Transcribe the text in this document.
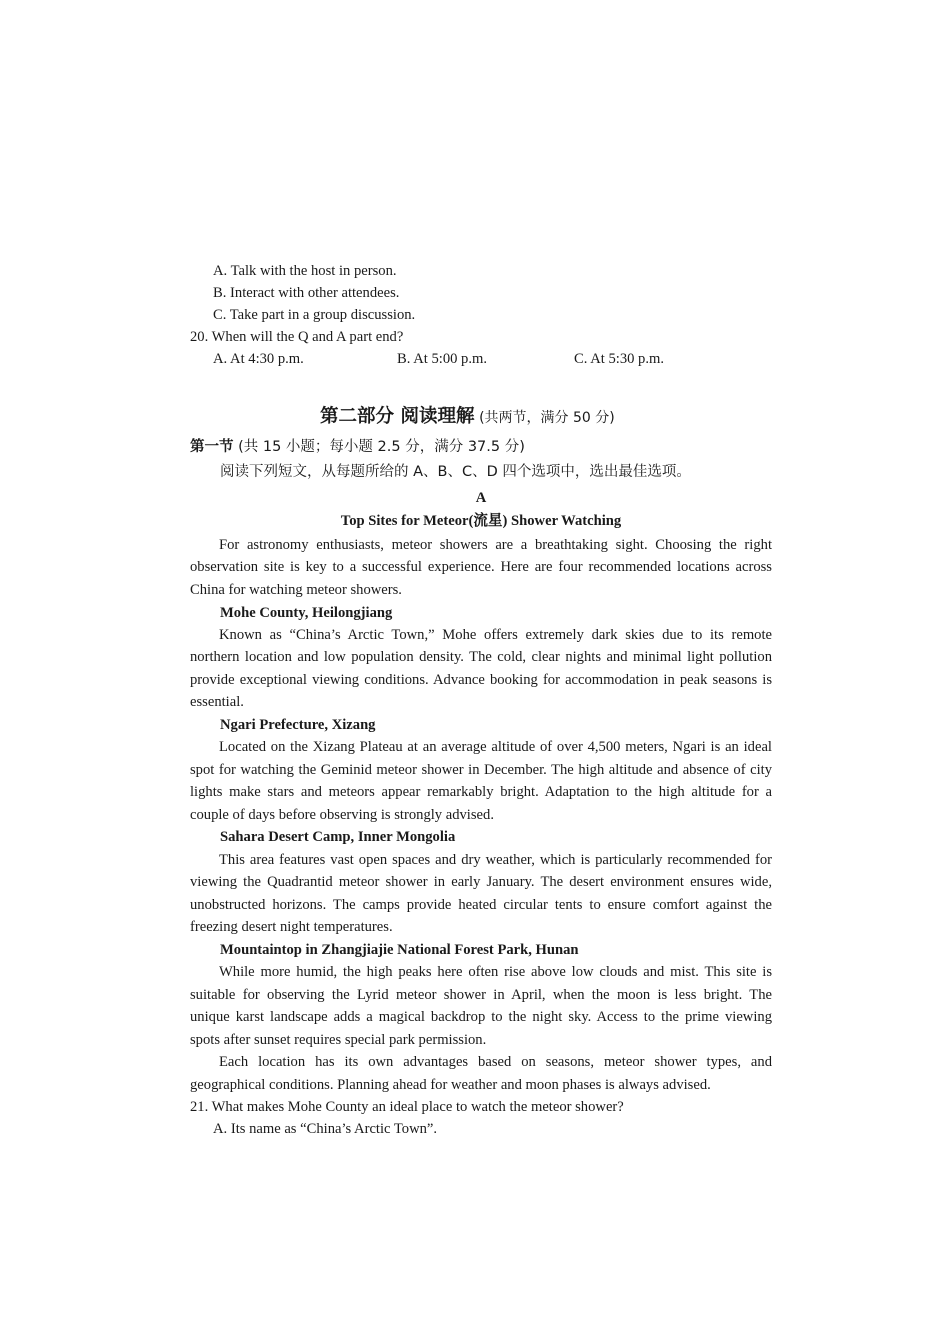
A. Talk with the host in person.
B. Interact with other attendees.
C. Take part in a group discussion.
20. When will the Q and A part end?
A. At 4:30 p.m.	B. At 5:00 p.m.	C. At 5:30 p.m.
第二部分 阅读理解 (共两节，满分 50 分)
第一节 (共 15 小题；每小题 2.5 分，满分 37.5 分)
阅读下列短文，从每题所给的 A、B、C、D 四个选项中，选出最佳选项。
A
Top Sites for Meteor(流星) Shower Watching
For astronomy enthusiasts, meteor showers are a breathtaking sight. Choosing the right
observation site is key to a successful experience. Here are four recommended locations across
China for watching meteor showers.
Mohe County, Heilongjiang
Known as “China’s Arctic Town,” Mohe offers extremely dark skies due to its remote
northern location and low population density. The cold, clear nights and minimal light pollution
provide exceptional viewing conditions. Advance booking for accommodation in peak seasons is
essential.
Ngari Prefecture, Xizang
Located on the Xizang Plateau at an average altitude of over 4,500 meters, Ngari is an ideal
spot for watching the Geminid meteor shower in December. The high altitude and absence of city
lights make stars and meteors appear remarkably bright. Adaptation to the high altitude for a
couple of days before observing is strongly advised.
Sahara Desert Camp, Inner Mongolia
This area features vast open spaces and dry weather, which is particularly recommended for
viewing the Quadrantid meteor shower in early January. The desert environment ensures wide,
unobstructed horizons. The camps provide heated circular tents to ensure comfort against the
freezing desert night temperatures.
Mountaintop in Zhangjiajie National Forest Park, Hunan
While more humid, the high peaks here often rise above low clouds and mist. This site is
suitable for observing the Lyrid meteor shower in April, when the moon is less bright. The
unique karst landscape adds a magical backdrop to the night sky. Access to the prime viewing
spots after sunset requires special park permission.
Each location has its own advantages based on seasons, meteor shower types, and
geographical conditions. Planning ahead for weather and moon phases is always advised.
21. What makes Mohe County an ideal place to watch the meteor shower?
A. Its name as “China’s Arctic Town”.
